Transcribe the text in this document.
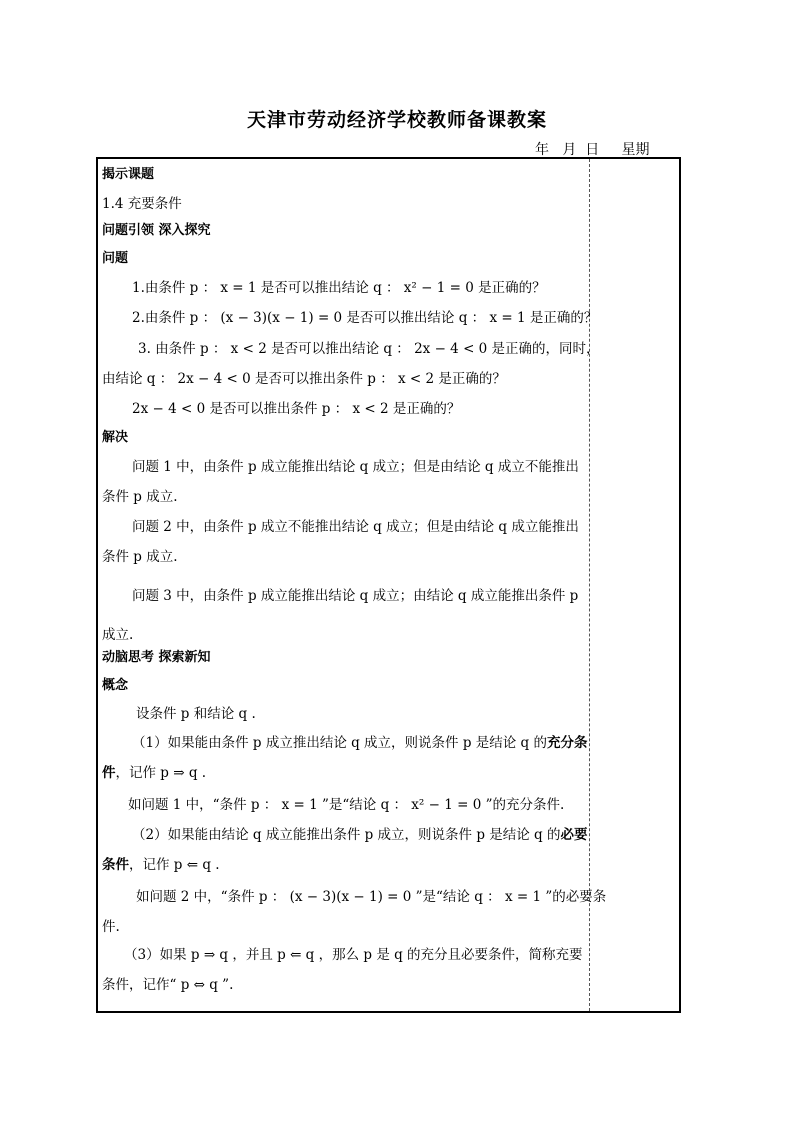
天津市劳动经济学校教师备课教案
年   月  日     星期
揭示课题
1.4 充要条件
问题引领 深入探究
问题
1.由条件 p ： x = 1 是否可以推出结论 q ： x² − 1 = 0 是正确的？
2.由条件 p ： (x − 3)(x − 1) = 0 是否可以推出结论 q ： x = 1 是正确的？
3. 由条件 p ： x < 2 是否可以推出结论 q ： 2x − 4 < 0 是正确的，同时，
由结论 q ： 2x − 4 < 0 是否可以推出条件 p ： x < 2 是正确的？
2x − 4 < 0 是否可以推出条件 p ： x < 2 是正确的？
解决
问题 1 中，由条件 p 成立能推出结论 q 成立；但是由结论 q 成立不能推出
条件 p 成立.
问题 2 中，由条件 p 成立不能推出结论 q 成立；但是由结论 q 成立能推出
条件 p 成立.
问题 3 中，由条件 p 成立能推出结论 q 成立；由结论 q 成立能推出条件 p
成立.
动脑思考 探索新知
概念
设条件 p 和结论 q .
（1）如果能由条件 p 成立推出结论 q 成立，则说条件 p 是结论 q 的充分条
件，记作 p ⇒ q .
如问题 1 中，“条件 p ： x = 1 ”是“结论 q ： x² − 1 = 0 ”的充分条件.
（2）如果能由结论 q 成立能推出条件 p 成立，则说条件 p 是结论 q 的必要
条件，记作 p ⇐ q .
如问题 2 中，“条件 p ： (x − 3)(x − 1) = 0 ”是“结论 q ： x = 1 ”的必要条
件.
（3）如果 p ⇒ q ，并且 p ⇐ q ，那么 p 是 q 的充分且必要条件，简称充要
条件，记作“ p ⇔ q ”.
